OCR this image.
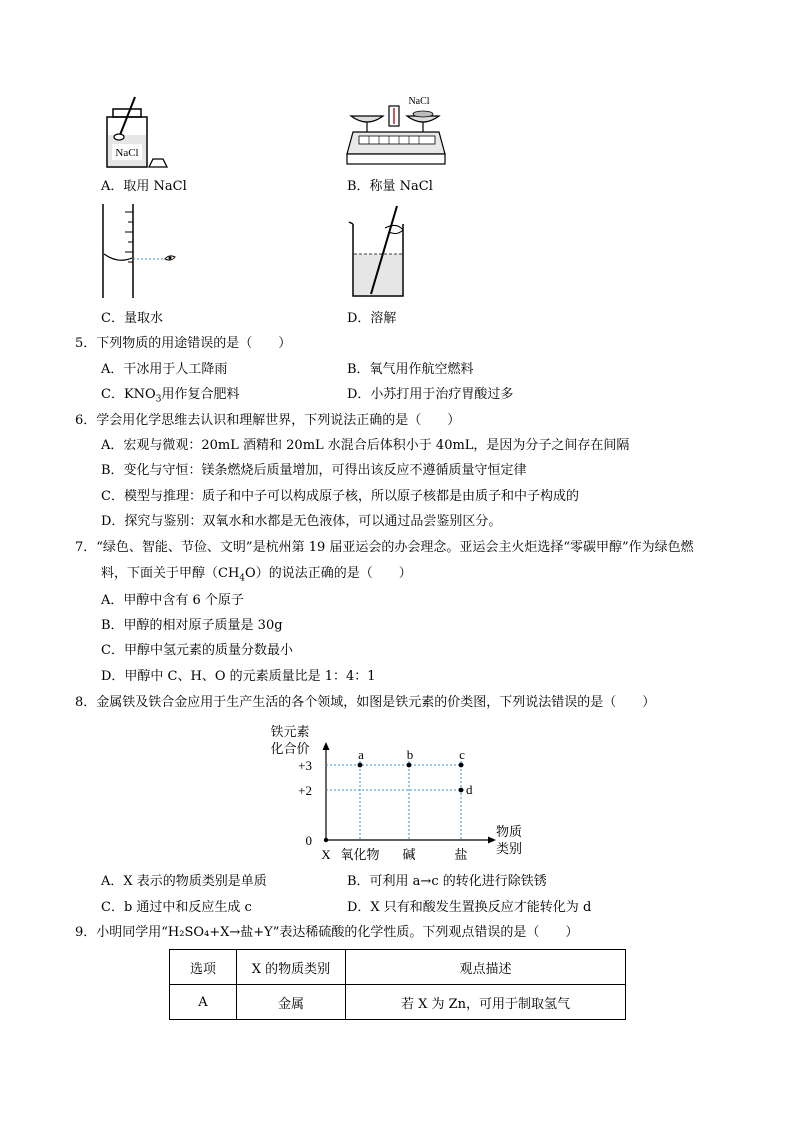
NaCl
NaCl
A．取用 NaCl	B．称量 NaCl
C．量取水	D．溶解
5．下列物质的用途错误的是（　　）
A．干冰用于人工降雨	B．氧气用作航空燃料
C．$KNO_3$用作复合肥料	D．小苏打用于治疗胃酸过多
6．学会用化学思维去认识和理解世界，下列说法正确的是（　　）
A．宏观与微观：20mL 酒精和 20mL 水混合后体积小于 40mL，是因为分子之间存在间隔
B．变化与守恒：镁条燃烧后质量增加，可得出该反应不遵循质量守恒定律
C．模型与推理：质子和中子可以构成原子核，所以原子核都是由质子和中子构成的
D．探究与鉴别：双氧水和水都是无色液体，可以通过品尝鉴别区分。
7．“绿色、智能、节俭、文明”是杭州第 19 届亚运会的办会理念。亚运会主火炬选择“零碳甲醇”作为绿色燃
料，下面关于甲醇$(CH_4O)$的说法正确的是（　　）
A．甲醇中含有 6 个原子
B．甲醇的相对原子质量是 30g
C．甲醇中氢元素的质量分数最小
D．甲醇中 C、H、O 的元素质量比是 1：4：1
8．金属铁及铁合金应用于生产生活的各个领域，如图是铁元素的价类图，下列说法错误的是（　　）
铁元素
化合价
物质
类别
+3
+2
0
X 氧化物 碱	盐
a	b	c
d
A．X 表示的物质类别是单质	B．可利用 a→c 的转化进行除铁锈
C．b 通过中和反应生成 c	D．X 只有和酸发生置换反应才能转化为 d
9．小明同学用“H₂SO₄+X→盐+Y”表达稀硫酸的化学性质。下列观点错误的是（　　）
选项	X 的物质类别	观点描述
A	金属	若 X 为 Zn，可用于制取氢气
